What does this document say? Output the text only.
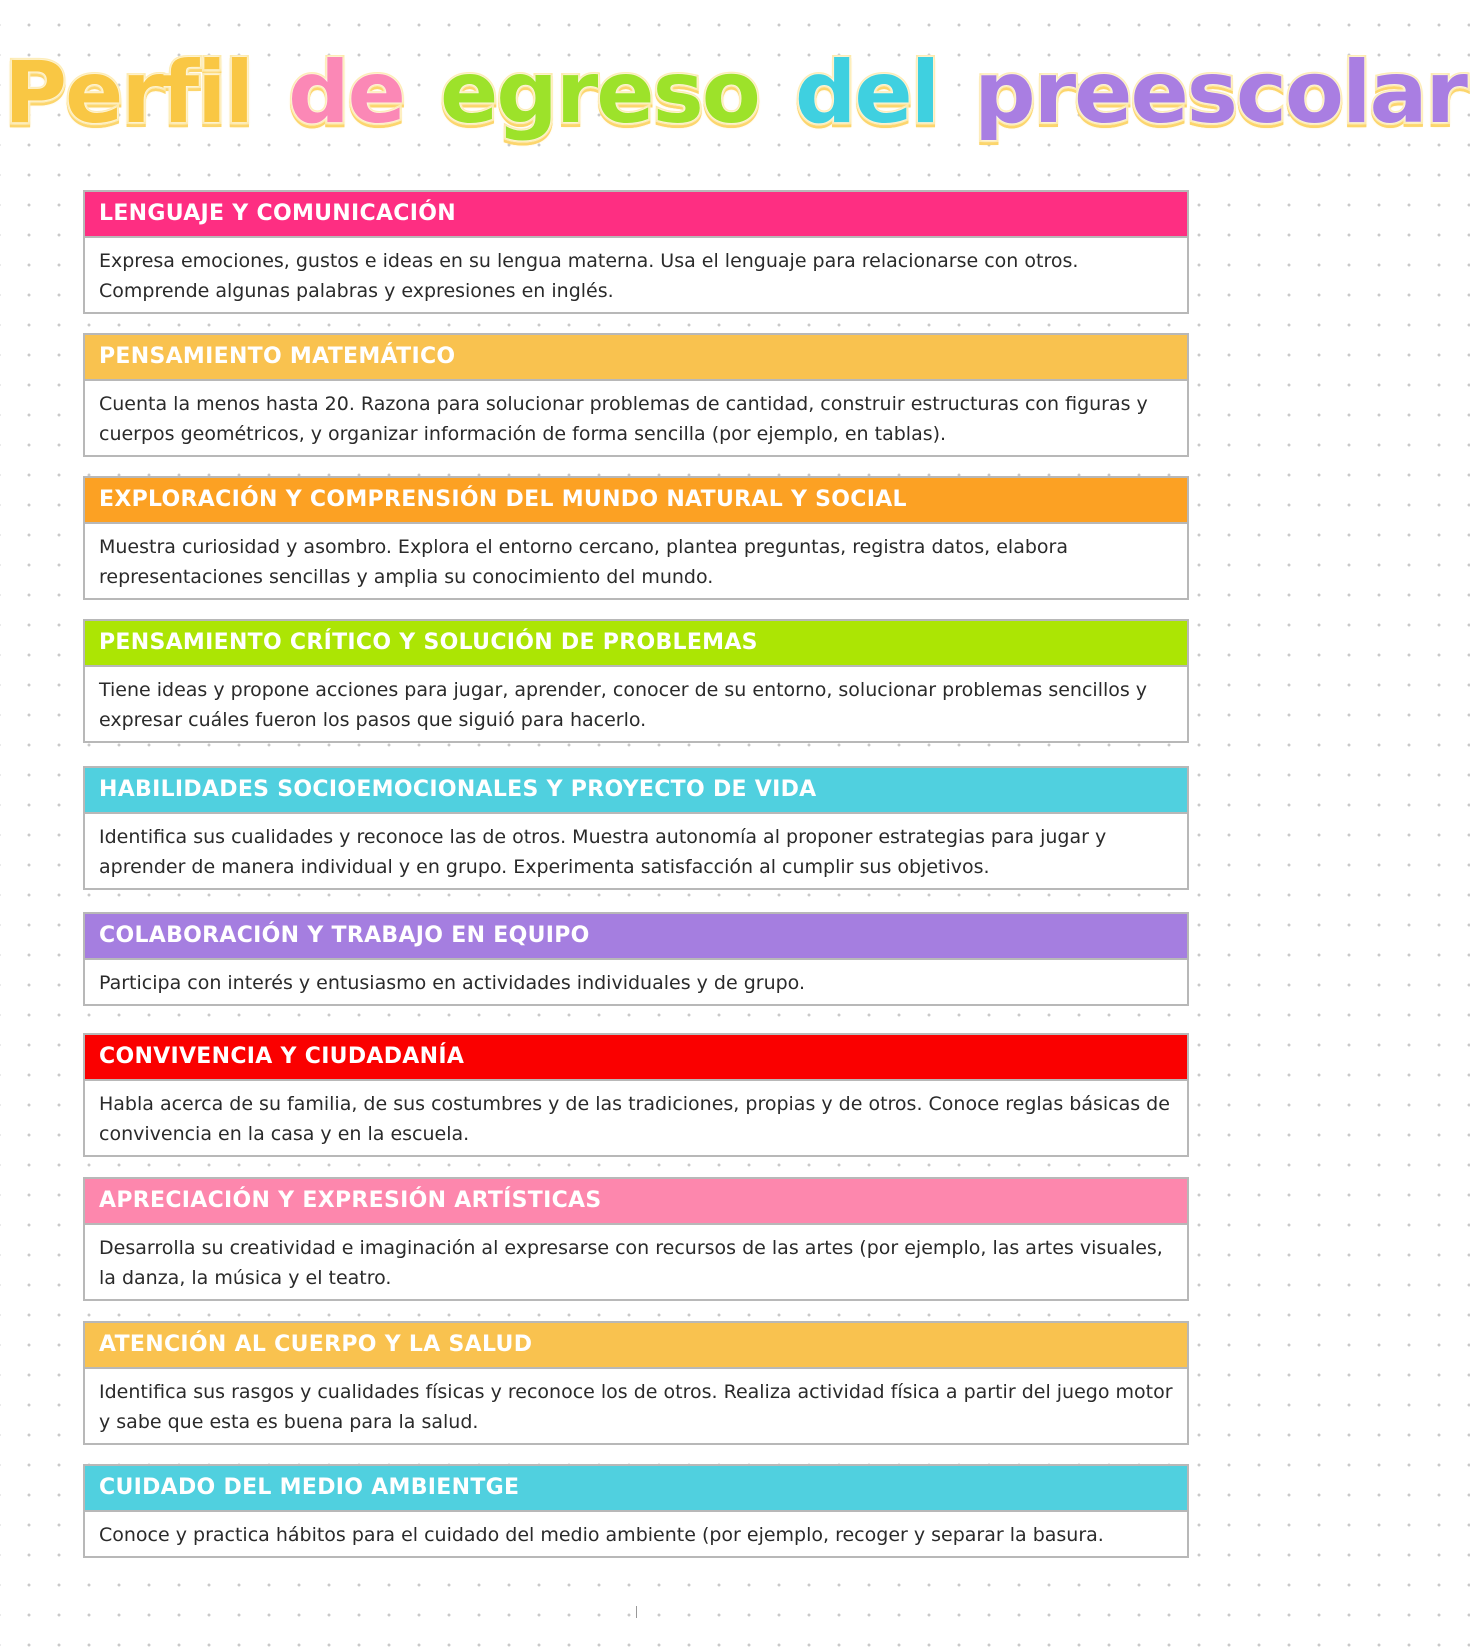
Perfil de egreso del preescolar
LENGUAJE Y COMUNICACIÓN
Expresa emociones, gustos e ideas en su lengua materna. Usa el lenguaje para relacionarse con otros. Comprende algunas palabras y expresiones en inglés.
PENSAMIENTO MATEMÁTICO
Cuenta la menos hasta 20. Razona para solucionar problemas de cantidad, construir estructuras con figuras y cuerpos geométricos, y organizar información de forma sencilla (por ejemplo, en tablas).
EXPLORACIÓN Y COMPRENSIÓN DEL MUNDO NATURAL Y SOCIAL
Muestra curiosidad y asombro. Explora el entorno cercano, plantea preguntas, registra datos, elabora representaciones sencillas y amplia su conocimiento del mundo.
PENSAMIENTO CRÍTICO Y SOLUCIÓN DE PROBLEMAS
Tiene ideas y propone acciones para jugar, aprender, conocer de su entorno, solucionar problemas sencillos y expresar cuáles fueron los pasos que siguió para hacerlo.
HABILIDADES SOCIOEMOCIONALES Y PROYECTO DE VIDA
Identifica sus cualidades y reconoce las de otros. Muestra autonomía al proponer estrategias para jugar y aprender de manera individual y en grupo. Experimenta satisfacción al cumplir sus objetivos.
COLABORACIÓN Y TRABAJO EN EQUIPO
Participa con interés y entusiasmo en actividades individuales y de grupo.
CONVIVENCIA Y CIUDADANÍA
Habla acerca de su familia, de sus costumbres y de las tradiciones, propias y de otros. Conoce reglas básicas de convivencia en la casa y en la escuela.
APRECIACIÓN Y EXPRESIÓN ARTÍSTICAS
Desarrolla su creatividad e imaginación al expresarse con recursos de las artes (por ejemplo, las artes visuales, la danza, la música y el teatro.
ATENCIÓN AL CUERPO Y LA SALUD
Identifica sus rasgos y cualidades físicas y reconoce los de otros. Realiza actividad física a partir del juego motor y sabe que esta es buena para la salud.
CUIDADO DEL MEDIO AMBIENTGE
Conoce y practica hábitos para el cuidado del medio ambiente (por ejemplo, recoger y separar la basura.
